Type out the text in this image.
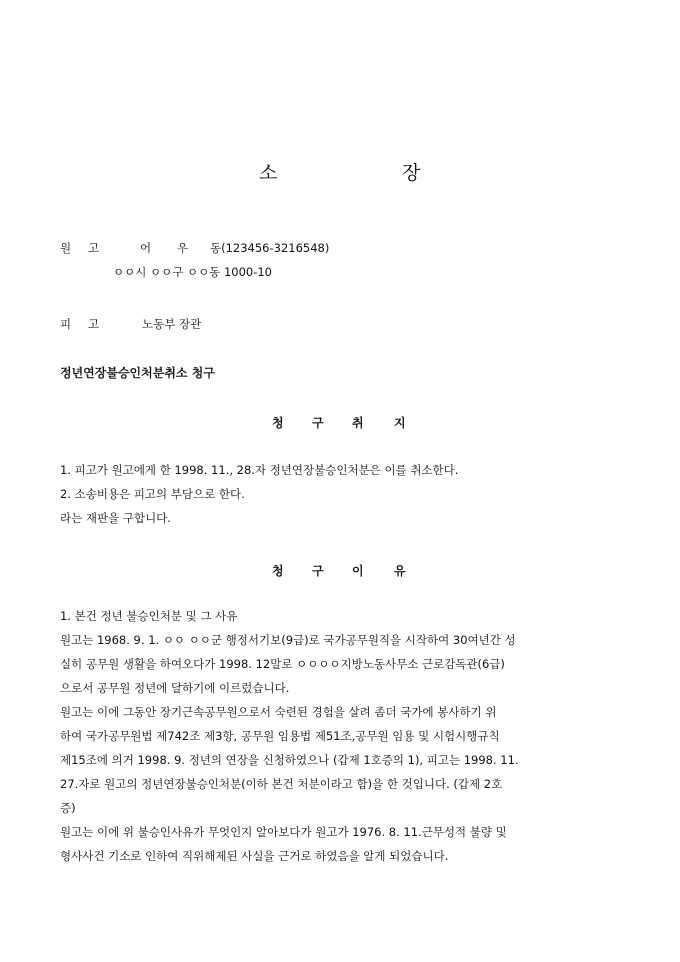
소	장
원 고	어 우 동(123456-3216548)
ㅇㅇ시 ㅇㅇ구 ㅇㅇ동 1000-10
피 고	노동부 장관
정년연장불승인처분취소 청구
청 구 취	지
1. 피고가 원고에게 한 1998. 11., 28.자 정년연장불승인처분은 이를 취소한다.
2. 소송비용은 피고의 부담으로 한다.
라는 재판을 구합니다.
청 구 이	유
1. 본건 정년 불승인처분 및 그 사유
원고는 1968. 9. 1. ㅇㅇ ㅇㅇ군 행정서기보(9급)로 국가공무원직을 시작하여 30여년간 성
실히 공무원 생활을 하여오다가 1998. 12말로 ㅇㅇㅇㅇ지방노동사무소 근로감독관(6급)
으로서 공무원 정년에 달하기에 이르렀습니다.
원고는 이에 그동안 장기근속공무원으로서 숙련된 경험을 살려 좀더 국가에 봉사하기 위
하여 국가공무원법 제742조 제3항, 공무원 임용법 제51조,공무원 임용 및 시험시행규칙
제15조에 의거 1998. 9. 정년의 연장을 신청하였으나 (갑제 1호증의 1), 피고는 1998. 11.
27.자로 원고의 정년연장불승인처분(이하 본건 처분이라고 함)을 한 것입니다. (갑제 2호
증)
원고는 이에 위 불승인사유가 무엇인지 알아보다가 원고가 1976. 8. 11.근무성적 불량 및
형사사건 기소로 인하여 직위해제된 사실을 근거로 하였음을 알게 되었습니다.
